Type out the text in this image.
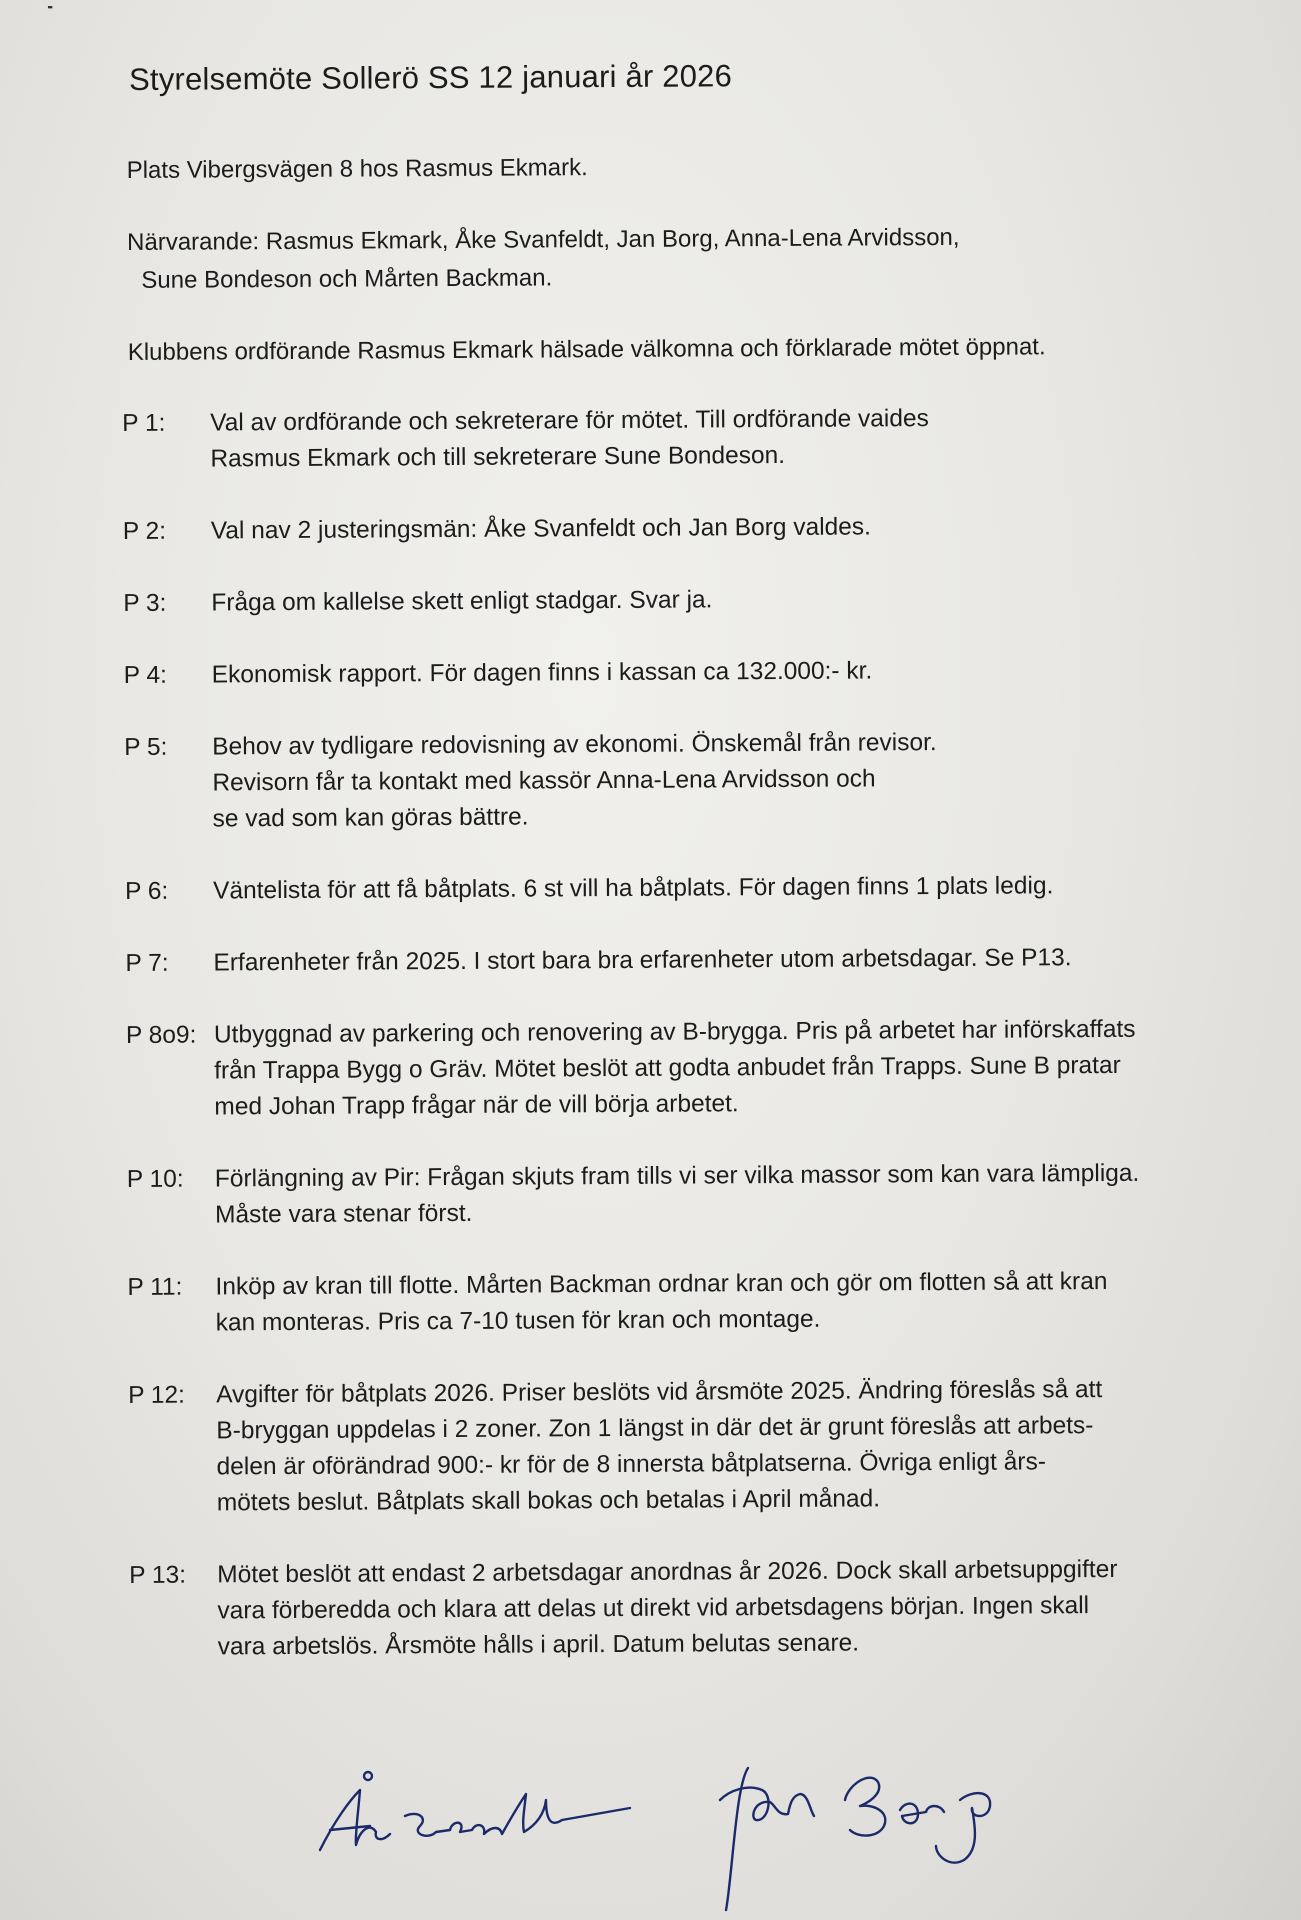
╸
Styrelsemöte Sollerö SS 12 januari år 2026
Plats Vibergsvägen 8 hos Rasmus Ekmark.
Närvarande: Rasmus Ekmark, Åke Svanfeldt, Jan Borg, Anna-Lena Arvidsson,
Sune Bondeson och Mårten Backman.
Klubbens ordförande Rasmus Ekmark hälsade välkomna och förklarade mötet öppnat.
P 1:	Val av ordförande och sekreterare för mötet. Till ordförande vaides
Rasmus Ekmark och till sekreterare Sune Bondeson.
P 2:	Val nav 2 justeringsmän: Åke Svanfeldt och Jan Borg valdes.
P 3:	Fråga om kallelse skett enligt stadgar. Svar ja.
P 4:	Ekonomisk rapport. För dagen finns i kassan ca 132.000:- kr.
P 5:	Behov av tydligare redovisning av ekonomi. Önskemål från revisor.
Revisorn får ta kontakt med kassör Anna-Lena Arvidsson och
se vad som kan göras bättre.
P 6:	Väntelista för att få båtplats. 6 st vill ha båtplats. För dagen finns 1 plats ledig.
P 7:	Erfarenheter från 2025. I stort bara bra erfarenheter utom arbetsdagar. Se P13.
P 8o9: Utbyggnad av parkering och renovering av B-brygga. Pris på arbetet har införskaffats
från Trappa Bygg o Gräv. Mötet beslöt att godta anbudet från Trapps. Sune B pratar
med Johan Trapp frågar när de vill börja arbetet.
P 10:	Förlängning av Pir: Frågan skjuts fram tills vi ser vilka massor som kan vara lämpliga.
Måste vara stenar först.
P 11:	Inköp av kran till flotte. Mårten Backman ordnar kran och gör om flotten så att kran
kan monteras. Pris ca 7-10 tusen för kran och montage.
P 12:	Avgifter för båtplats 2026. Priser beslöts vid årsmöte 2025. Ändring föreslås så att
B-bryggan uppdelas i 2 zoner. Zon 1 längst in där det är grunt föreslås att arbets-
delen är oförändrad 900:- kr för de 8 innersta båtplatserna. Övriga enligt års-
mötets beslut. Båtplats skall bokas och betalas i April månad.
P 13:	Mötet beslöt att endast 2 arbetsdagar anordnas år 2026. Dock skall arbetsuppgifter
vara förberedda och klara att delas ut direkt vid arbetsdagens början. Ingen skall
vara arbetslös. Årsmöte hålls i april. Datum belutas senare.
